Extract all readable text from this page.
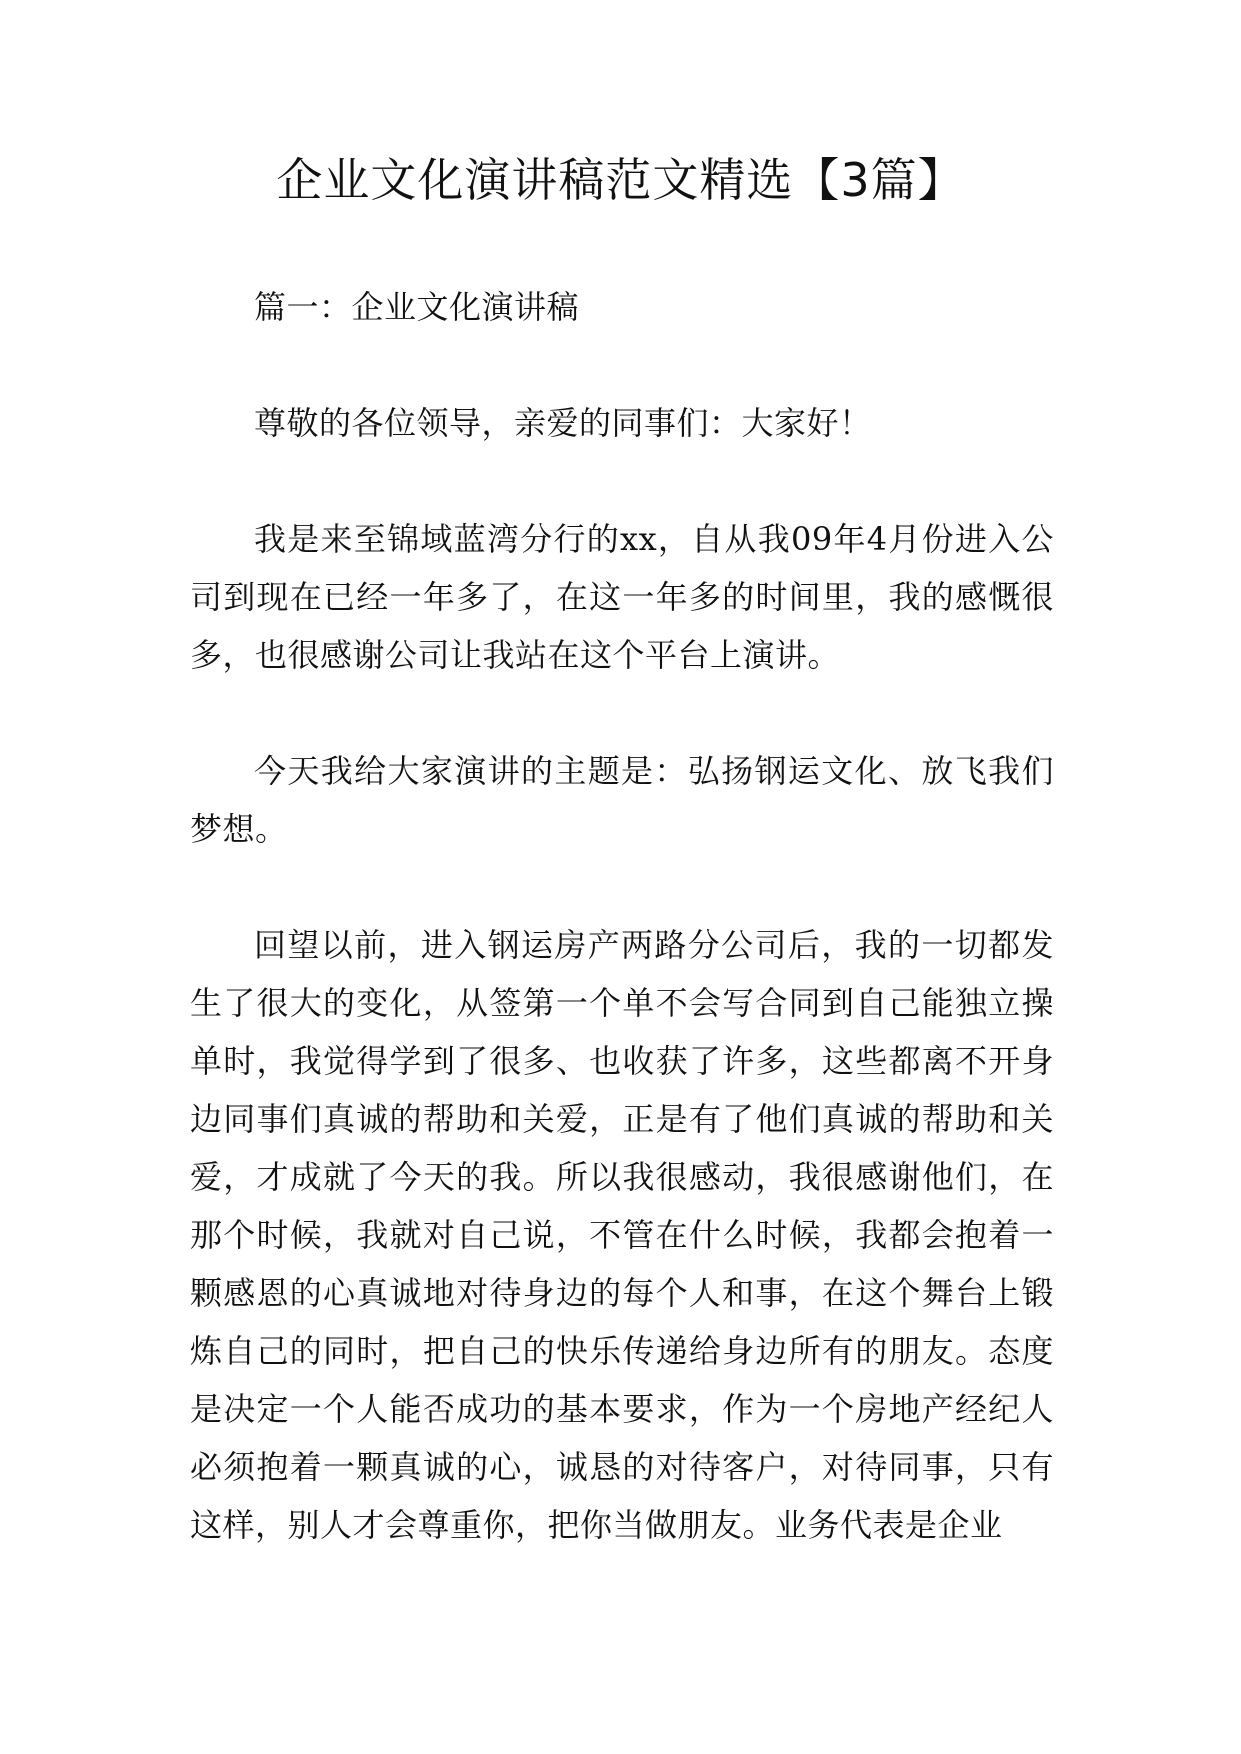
企业文化演讲稿范文精选【3篇】

篇一：企业文化演讲稿

尊敬的各位领导，亲爱的同事们：大家好！

我是来至锦域蓝湾分行的xx，自从我09年4月份进入公司到现在已经一年多了，在这一年多的时间里，我的感慨很多，也很感谢公司让我站在这个平台上演讲。

今天我给大家演讲的主题是：弘扬钢运文化、放飞我们梦想。

回望以前，进入钢运房产两路分公司后，我的一切都发生了很大的变化，从签第一个单不会写合同到自己能独立操单时，我觉得学到了很多、也收获了许多，这些都离不开身边同事们真诚的帮助和关爱，正是有了他们真诚的帮助和关爱，才成就了今天的我。所以我很感动，我很感谢他们，在那个时候，我就对自己说，不管在什么时候，我都会抱着一颗感恩的心真诚地对待身边的每个人和事，在这个舞台上锻炼自己的同时，把自己的快乐传递给身边所有的朋友。态度是决定一个人能否成功的基本要求，作为一个房地产经纪人必须抱着一颗真诚的心，诚恳的对待客户，对待同事，只有这样，别人才会尊重你，把你当做朋友。业务代表是企业
